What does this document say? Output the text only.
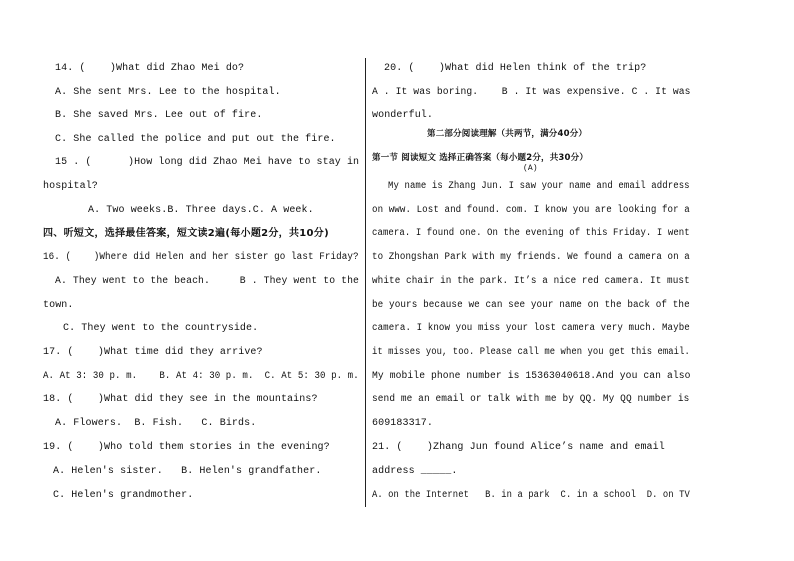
14. (    )What did Zhao Mei do?
A. She sent Mrs. Lee to the hospital.
B. She saved Mrs. Lee out of fire.
C. She called the police and put out the fire.
15 . (      )How long did Zhao Mei have to stay in
hospital?
A. Two weeks.B. Three days.C. A week.
四、听短文，选择最佳答案，短文读2遍(每小题2分，共10分)
16. (    )Where did Helen and her sister go last Friday?
A. They went to the beach.     B . They went to the
town.
C. They went to the countryside.
17. (    )What time did they arrive?
A. At 3: 30 p. m.    B. At 4: 30 p. m.  C. At 5: 30 p. m.
18. (    )What did they see in the mountains?
A. Flowers.  B. Fish.   C. Birds.
19. (    )Who told them stories in the evening?
A. Helen's sister.   B. Helen's grandfather.
C. Helen's grandmother.
20. (    )What did Helen think of the trip?
A . It was boring.    B . It was expensive. C . It was
wonderful.
第二部分阅读理解（共两节，满分40分）
第一节 阅读短文 选择正确答案（每小题2分，共30分）
(A)
My name is Zhang Jun. I saw your name and email address
on www. Lost and found. com. I know you are looking for a
camera. I found one. On the evening of this Friday. I went
to Zhongshan Park with my friends. We found a camera on a
white chair in the park. It’s a nice red camera. It must
be yours because we can see your name on the back of the
camera. I know you miss your lost camera very much. Maybe
it misses you, too. Please call me when you get this email.
My mobile phone number is 15363040618.And you can also
send me an email or talk with me by QQ. My QQ number is
609183317.
21. (    )Zhang Jun found Alice’s name and email
address _____.
A. on the Internet   B. in a park  C. in a school  D. on TV
